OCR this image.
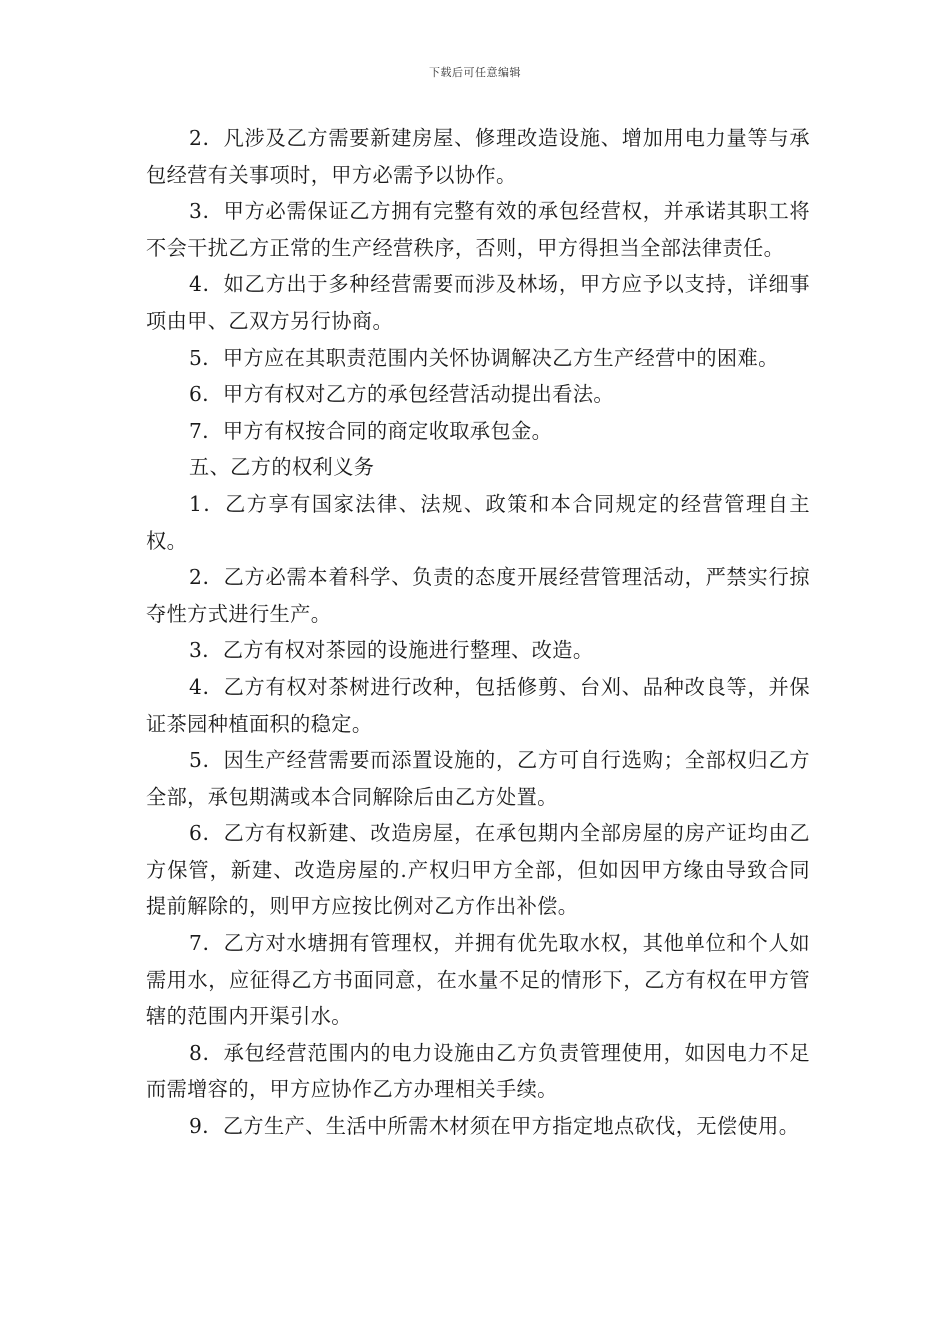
下载后可任意编辑

2．凡涉及乙方需要新建房屋、修理改造设施、增加用电力量等与承包经营有关事项时，甲方必需予以协作。

3．甲方必需保证乙方拥有完整有效的承包经营权，并承诺其职工将不会干扰乙方正常的生产经营秩序，否则，甲方得担当全部法律责任。

4．如乙方出于多种经营需要而涉及林场，甲方应予以支持，详细事项由甲、乙双方另行协商。

5．甲方应在其职责范围内关怀协调解决乙方生产经营中的困难。

6．甲方有权对乙方的承包经营活动提出看法。

7．甲方有权按合同的商定收取承包金。

五、乙方的权利义务

1．乙方享有国家法律、法规、政策和本合同规定的经营管理自主权。

2．乙方必需本着科学、负责的态度开展经营管理活动，严禁实行掠夺性方式进行生产。

3．乙方有权对茶园的设施进行整理、改造。

4．乙方有权对茶树进行改种，包括修剪、台刈、品种改良等，并保证茶园种植面积的稳定。

5．因生产经营需要而添置设施的，乙方可自行选购；全部权归乙方全部，承包期满或本合同解除后由乙方处置。

6．乙方有权新建、改造房屋，在承包期内全部房屋的房产证均由乙方保管，新建、改造房屋的.产权归甲方全部，但如因甲方缘由导致合同提前解除的，则甲方应按比例对乙方作出补偿。

7．乙方对水塘拥有管理权，并拥有优先取水权，其他单位和个人如需用水，应征得乙方书面同意，在水量不足的情形下，乙方有权在甲方管辖的范围内开渠引水。

8．承包经营范围内的电力设施由乙方负责管理使用，如因电力不足而需增容的，甲方应协作乙方办理相关手续。

9．乙方生产、生活中所需木材须在甲方指定地点砍伐，无偿使用。
